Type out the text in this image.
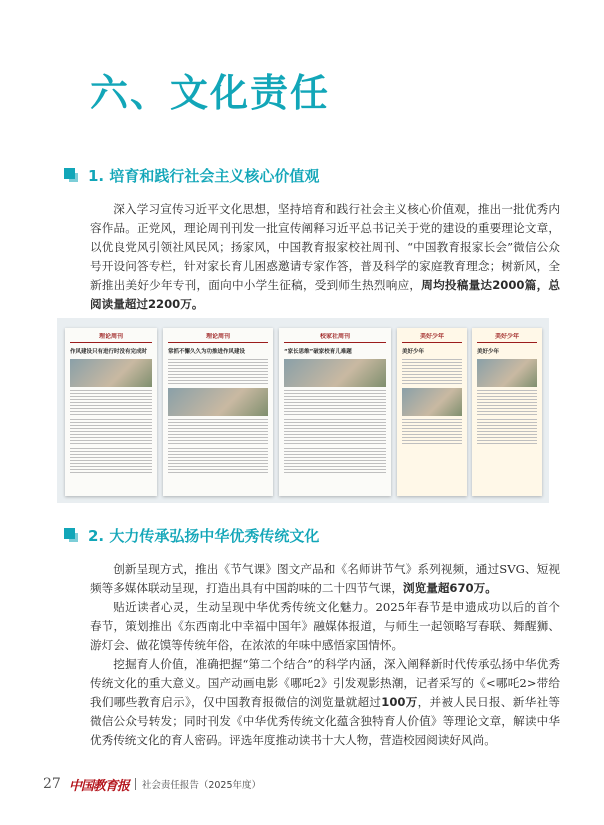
六、文化责任
1. 培育和践行社会主义核心价值观

深入学习宣传习近平文化思想，坚持培育和践行社会主义核心价值观，推出一批优秀内容作品。正党风，理论周刊刊发一批宣传阐释习近平总书记关于党的建设的重要理论文章，以优良党风引领社风民风；扬家风，中国教育报家校社周刊、“中国教育报家长会”微信公众号开设问答专栏，针对家长育儿困惑邀请专家作答，普及科学的家庭教育理念；树新风，全新推出美好少年专刊，面向中小学生征稿，受到师生热烈响应，周均投稿量达2000篇，总阅读量超过2200万。

理论周刊
作风建设只有进行时没有完成时
理论周刊
常抓不懈久久为功推进作风建设
校家社周刊
“家长思维”破家校育儿难题
美好少年
美好少年
美好少年
美好少年
2. 大力传承弘扬中华优秀传统文化

创新呈现方式，推出《节气课》图文产品和《名师讲节气》系列视频，通过SVG、短视频等多媒体联动呈现，打造出具有中国韵味的二十四节气课，浏览量超670万。

贴近读者心灵，生动呈现中华优秀传统文化魅力。2025年春节是申遗成功以后的首个春节，策划推出《东西南北中幸福中国年》融媒体报道，与师生一起领略写春联、舞醒狮、游灯会、做花馍等传统年俗，在浓浓的年味中感悟家国情怀。

挖掘育人价值，准确把握“第二个结合”的科学内涵，深入阐释新时代传承弘扬中华优秀传统文化的重大意义。国产动画电影《哪吒2》引发观影热潮，记者采写的《<哪吒2>带给我们哪些教育启示》，仅中国教育报微信的浏览量就超过100万，并被人民日报、新华社等微信公众号转发；同时刊发《中华优秀传统文化蕴含独特育人价值》等理论文章，解读中华优秀传统文化的育人密码。评选年度推动读书十大人物，营造校园阅读好风尚。

27 中国教育报 社会责任报告（2025年度）
